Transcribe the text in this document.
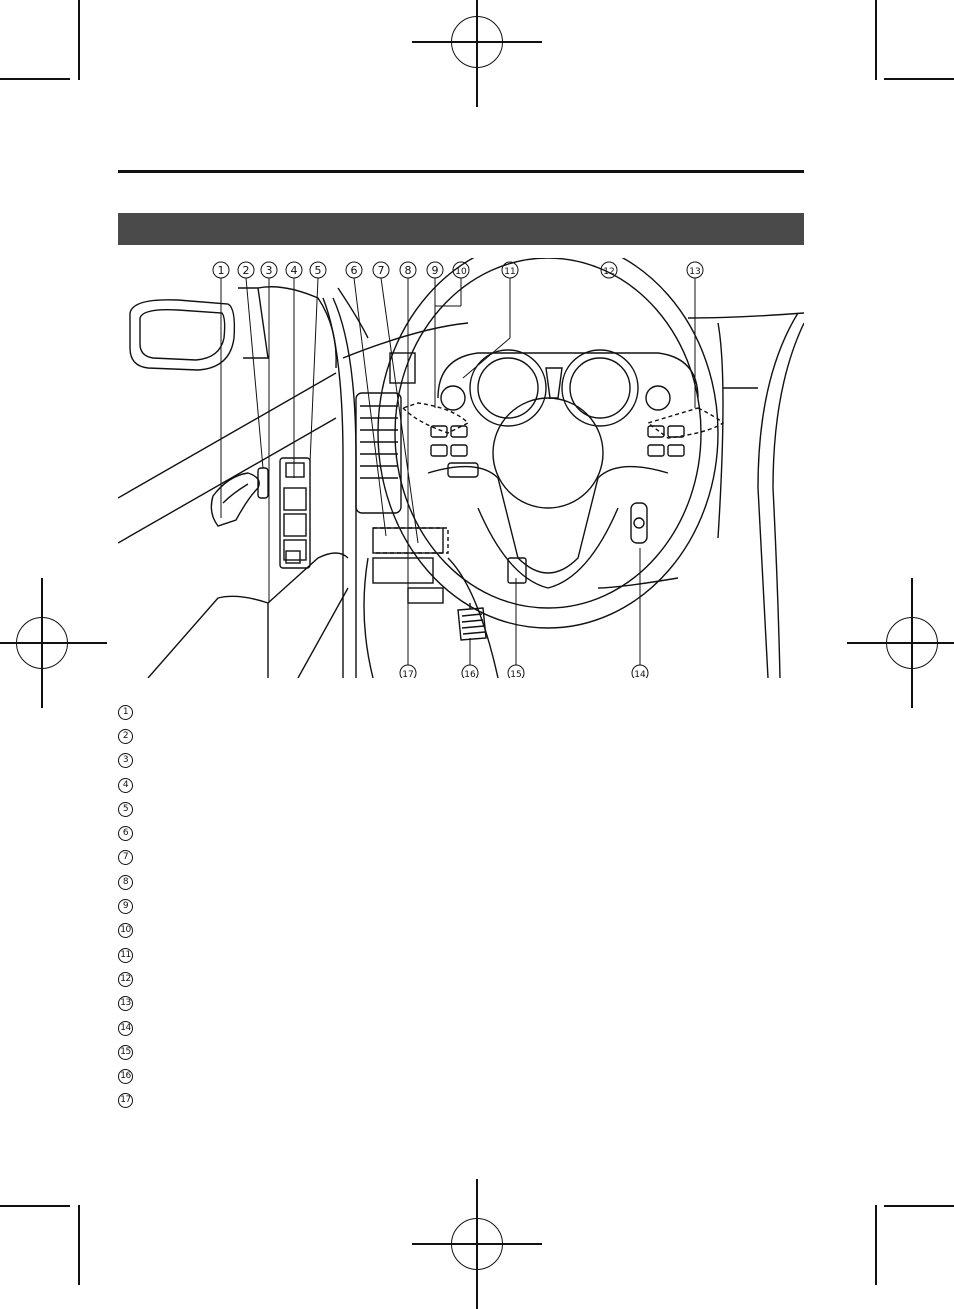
1 2 3 4 5	6 7 8 9 10	11	12	13
17	16	15	14
1
2
3
4
5
6
7
8
9
10
11
12
13
14
15
16
17
